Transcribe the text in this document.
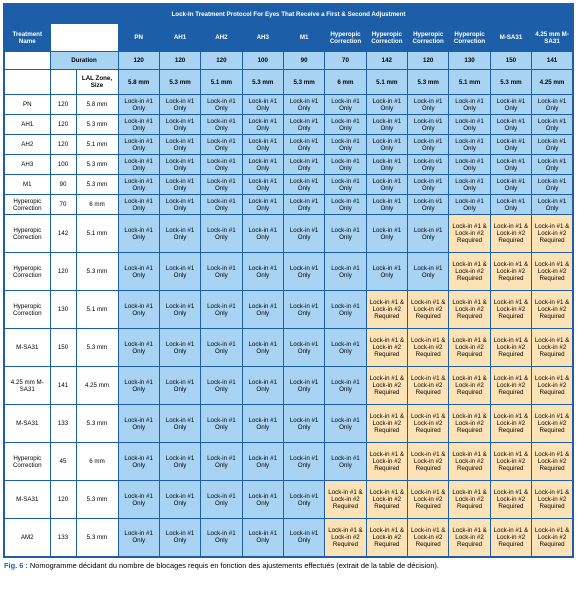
Lock-In Treatment Protocol For Eyes That Receive a First & Second Adjustment													
Treatment Name			PN	AH1	AH2	AH3	M1	Hyperopic Correction	Hyperopic Correction	Hyperopic Correction	Hyperopic Correction	M-SA31	4.25 mm M-SA31
	Duration		120	120	120	100	90	70	142	120	130	150	141
		LAL Zone, Size	5.8 mm	5.3 mm	5.1 mm	5.3 mm	5.3 mm	6 mm	5.1 mm	5.3 mm	5.1 mm	5.3 mm	4.25 mm
PN	120	5.8 mm	Lock-in #1 Only	Lock-in #1 Only	Lock-in #1 Only	Lock-in #1 Only	Lock-in #1 Only	Lock-in #1 Only	Lock-in #1 Only	Lock-in #1 Only	Lock-in #1 Only	Lock-in #1 Only	Lock-in #1 Only
AH1	120	5.3 mm	Lock-in #1 Only	Lock-in #1 Only	Lock-in #1 Only	Lock-in #1 Only	Lock-in #1 Only	Lock-in #1 Only	Lock-in #1 Only	Lock-in #1 Only	Lock-in #1 Only	Lock-in #1 Only	Lock-in #1 Only
AH2	120	5.1 mm	Lock-in #1 Only	Lock-in #1 Only	Lock-in #1 Only	Lock-in #1 Only	Lock-in #1 Only	Lock-in #1 Only	Lock-in #1 Only	Lock-in #1 Only	Lock-in #1 Only	Lock-in #1 Only	Lock-in #1 Only
AH3	100	5.3 mm	Lock-in #1 Only	Lock-in #1 Only	Lock-in #1 Only	Lock-in #1 Only	Lock-in #1 Only	Lock-in #1 Only	Lock-in #1 Only	Lock-in #1 Only	Lock-in #1 Only	Lock-in #1 Only	Lock-in #1 Only
M1	90	5.3 mm	Lock-in #1 Only	Lock-in #1 Only	Lock-in #1 Only	Lock-in #1 Only	Lock-in #1 Only	Lock-in #1 Only	Lock-in #1 Only	Lock-in #1 Only	Lock-in #1 Only	Lock-in #1 Only	Lock-in #1 Only
Hyperopic Correction	70	6 mm	Lock-in #1 Only	Lock-in #1 Only	Lock-in #1 Only	Lock-in #1 Only	Lock-in #1 Only	Lock-in #1 Only	Lock-in #1 Only	Lock-in #1 Only	Lock-in #1 Only	Lock-in #1 Only	Lock-in #1 Only
Hyperopic Correction	142	5.1 mm	Lock-in #1 Only	Lock-in #1 Only	Lock-in #1 Only	Lock-in #1 Only	Lock-in #1 Only	Lock-in #1 Only	Lock-in #1 Only	Lock-in #1 Only	Lock-in #1 & Lock-in #2 Required	Lock-in #1 & Lock-in #2 Required	Lock-in #1 & Lock-in #2 Required
Hyperopic Correction	120	5.3 mm	Lock-in #1 Only	Lock-in #1 Only	Lock-in #1 Only	Lock-in #1 Only	Lock-in #1 Only	Lock-in #1 Only	Lock-in #1 Only	Lock-in #1 Only	Lock-in #1 & Lock-in #2 Required	Lock-in #1 & Lock-in #2 Required	Lock-in #1 & Lock-in #2 Required
Hyperopic Correction	130	5.1 mm	Lock-in #1 Only	Lock-in #1 Only	Lock-in #1 Only	Lock-in #1 Only	Lock-in #1 Only	Lock-in #1 Only	Lock-in #1 & Lock-in #2 Required	Lock-in #1 & Lock-in #2 Required	Lock-in #1 & Lock-in #2 Required	Lock-in #1 & Lock-in #2 Required	Lock-in #1 & Lock-in #2 Required
M-SA31	150	5.3 mm	Lock-in #1 Only	Lock-in #1 Only	Lock-in #1 Only	Lock-in #1 Only	Lock-in #1 Only	Lock-in #1 Only	Lock-in #1 & Lock-in #2 Required	Lock-in #1 & Lock-in #2 Required	Lock-in #1 & Lock-in #2 Required	Lock-in #1 & Lock-in #2 Required	Lock-in #1 & Lock-in #2 Required
4.25 mm M-SA31	141	4.25 mm	Lock-in #1 Only	Lock-in #1 Only	Lock-in #1 Only	Lock-in #1 Only	Lock-in #1 Only	Lock-in #1 Only	Lock-in #1 & Lock-in #2 Required	Lock-in #1 & Lock-in #2 Required	Lock-in #1 & Lock-in #2 Required	Lock-in #1 & Lock-in #2 Required	Lock-in #1 & Lock-in #2 Required
M-SA31	133	5.3 mm	Lock-in #1 Only	Lock-in #1 Only	Lock-in #1 Only	Lock-in #1 Only	Lock-in #1 Only	Lock-in #1 Only	Lock-in #1 & Lock-in #2 Required	Lock-in #1 & Lock-in #2 Required	Lock-in #1 & Lock-in #2 Required	Lock-in #1 & Lock-in #2 Required	Lock-in #1 & Lock-in #2 Required
Hyperopic Correction	45	6 mm	Lock-in #1 Only	Lock-in #1 Only	Lock-in #1 Only	Lock-in #1 Only	Lock-in #1 Only	Lock-in #1 Only	Lock-in #1 & Lock-in #2 Required	Lock-in #1 & Lock-in #2 Required	Lock-in #1 & Lock-in #2 Required	Lock-in #1 & Lock-in #2 Required	Lock-in #1 & Lock-in #2 Required
M-SA31	120	5.3 mm	Lock-in #1 Only	Lock-in #1 Only	Lock-in #1 Only	Lock-in #1 Only	Lock-in #1 Only	Lock-in #1 & Lock-in #2 Required	Lock-in #1 & Lock-in #2 Required	Lock-in #1 & Lock-in #2 Required	Lock-in #1 & Lock-in #2 Required	Lock-in #1 & Lock-in #2 Required	Lock-in #1 & Lock-in #2 Required
AM2	133	5.3 mm	Lock-in #1 Only	Lock-in #1 Only	Lock-in #1 Only	Lock-in #1 Only	Lock-in #1 Only	Lock-in #1 & Lock-in #2 Required	Lock-in #1 & Lock-in #2 Required	Lock-in #1 & Lock-in #2 Required	Lock-in #1 & Lock-in #2 Required	Lock-in #1 & Lock-in #2 Required	Lock-in #1 & Lock-in #2 Required
Fig. 6 : Nomogramme décidant du nombre de blocages requis en fonction des ajustements effectués (extrait de la table de décision).
